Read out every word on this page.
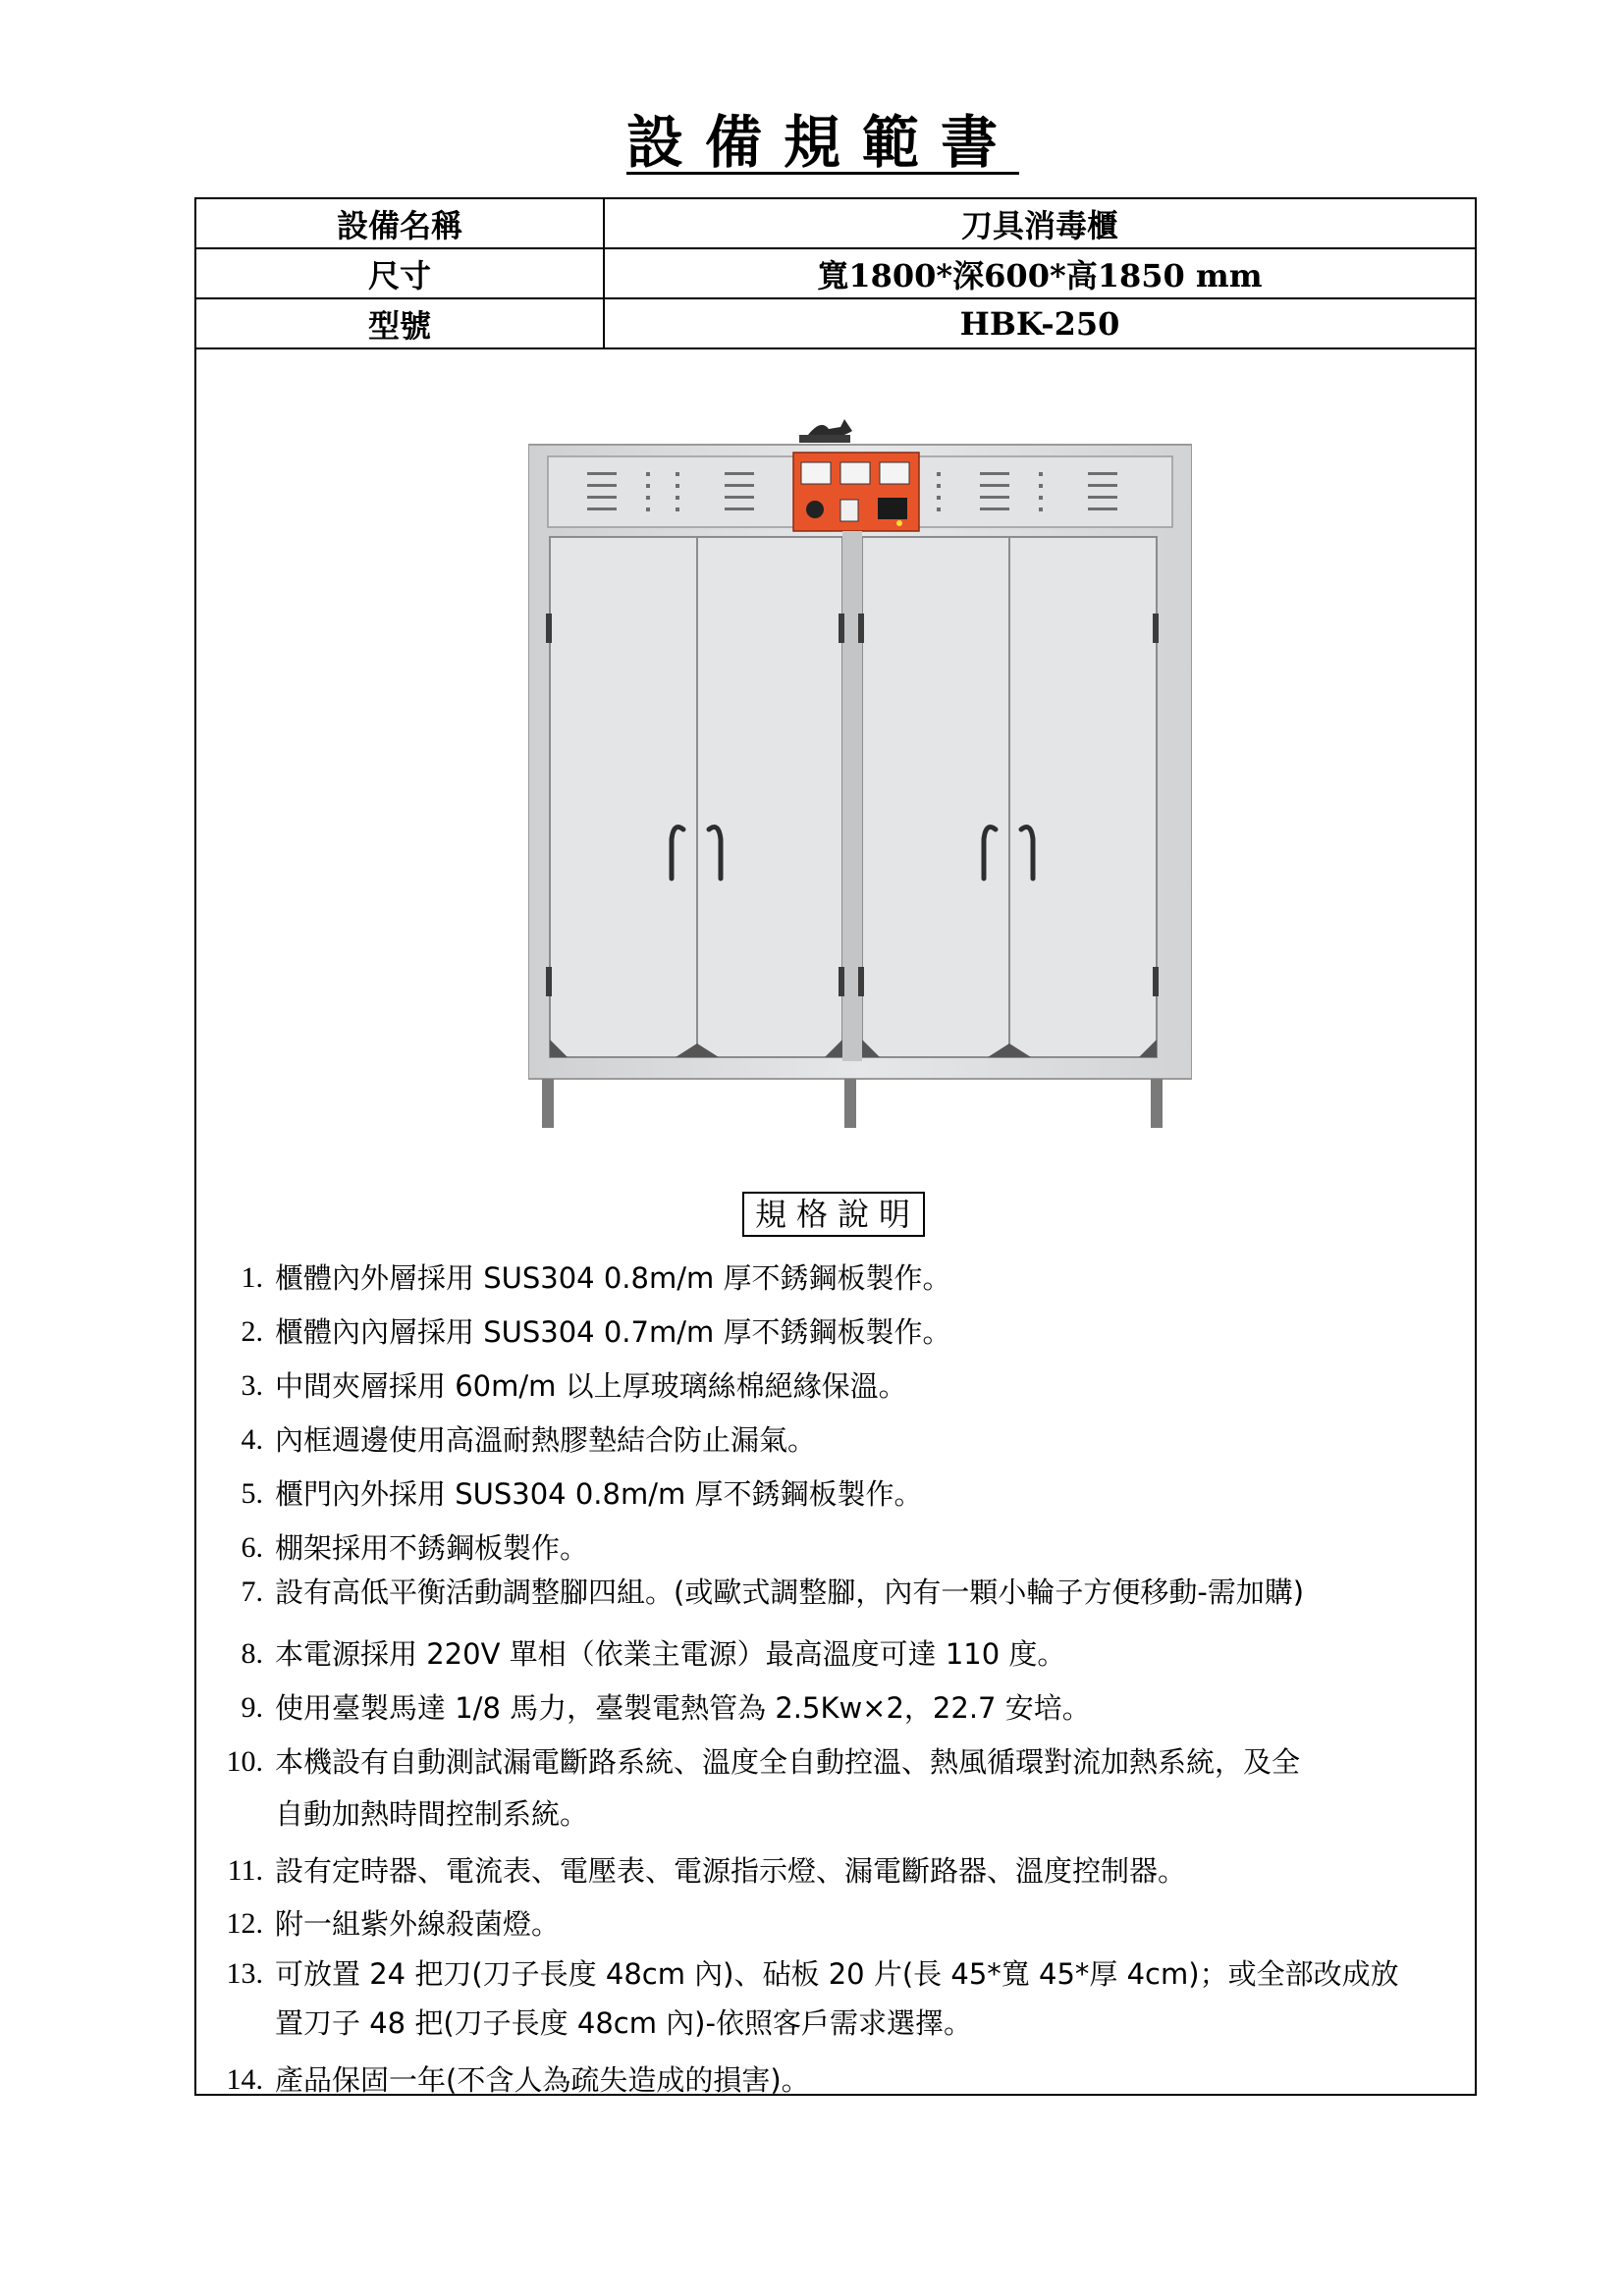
設備規範書
設備名稱	刀具消毒櫃
尺寸	寬1800*深600*高1850 mm
型號	HBK-250
規格說明
1. 櫃體內外層採用 SUS304 0.8m/m 厚不銹鋼板製作。
2. 櫃體內內層採用 SUS304 0.7m/m 厚不銹鋼板製作。
3. 中間夾層採用 60m/m 以上厚玻璃絲棉絕緣保溫。
4. 內框週邊使用高溫耐熱膠墊結合防止漏氣。
5. 櫃門內外採用 SUS304 0.8m/m 厚不銹鋼板製作。
6. 棚架採用不銹鋼板製作。
7. 設有高低平衡活動調整腳四組。(或歐式調整腳，內有一顆小輪子方便移動-需加購)
8. 本電源採用 220V 單相（依業主電源）最高溫度可達 110 度。
9. 使用臺製馬達 1/8 馬力，臺製電熱管為 2.5Kw×2，22.7 安培。
10. 本機設有自動測試漏電斷路系統、溫度全自動控溫、熱風循環對流加熱系統，及全
自動加熱時間控制系統。
11. 設有定時器、電流表、電壓表、電源指示燈、漏電斷路器、溫度控制器。
12. 附一組紫外線殺菌燈。
13. 可放置 24 把刀(刀子長度 48cm 內)、砧板 20 片(長 45*寬 45*厚 4cm)；或全部改成放
置刀子 48 把(刀子長度 48cm 內)-依照客戶需求選擇。
14. 產品保固一年(不含人為疏失造成的損害)。
